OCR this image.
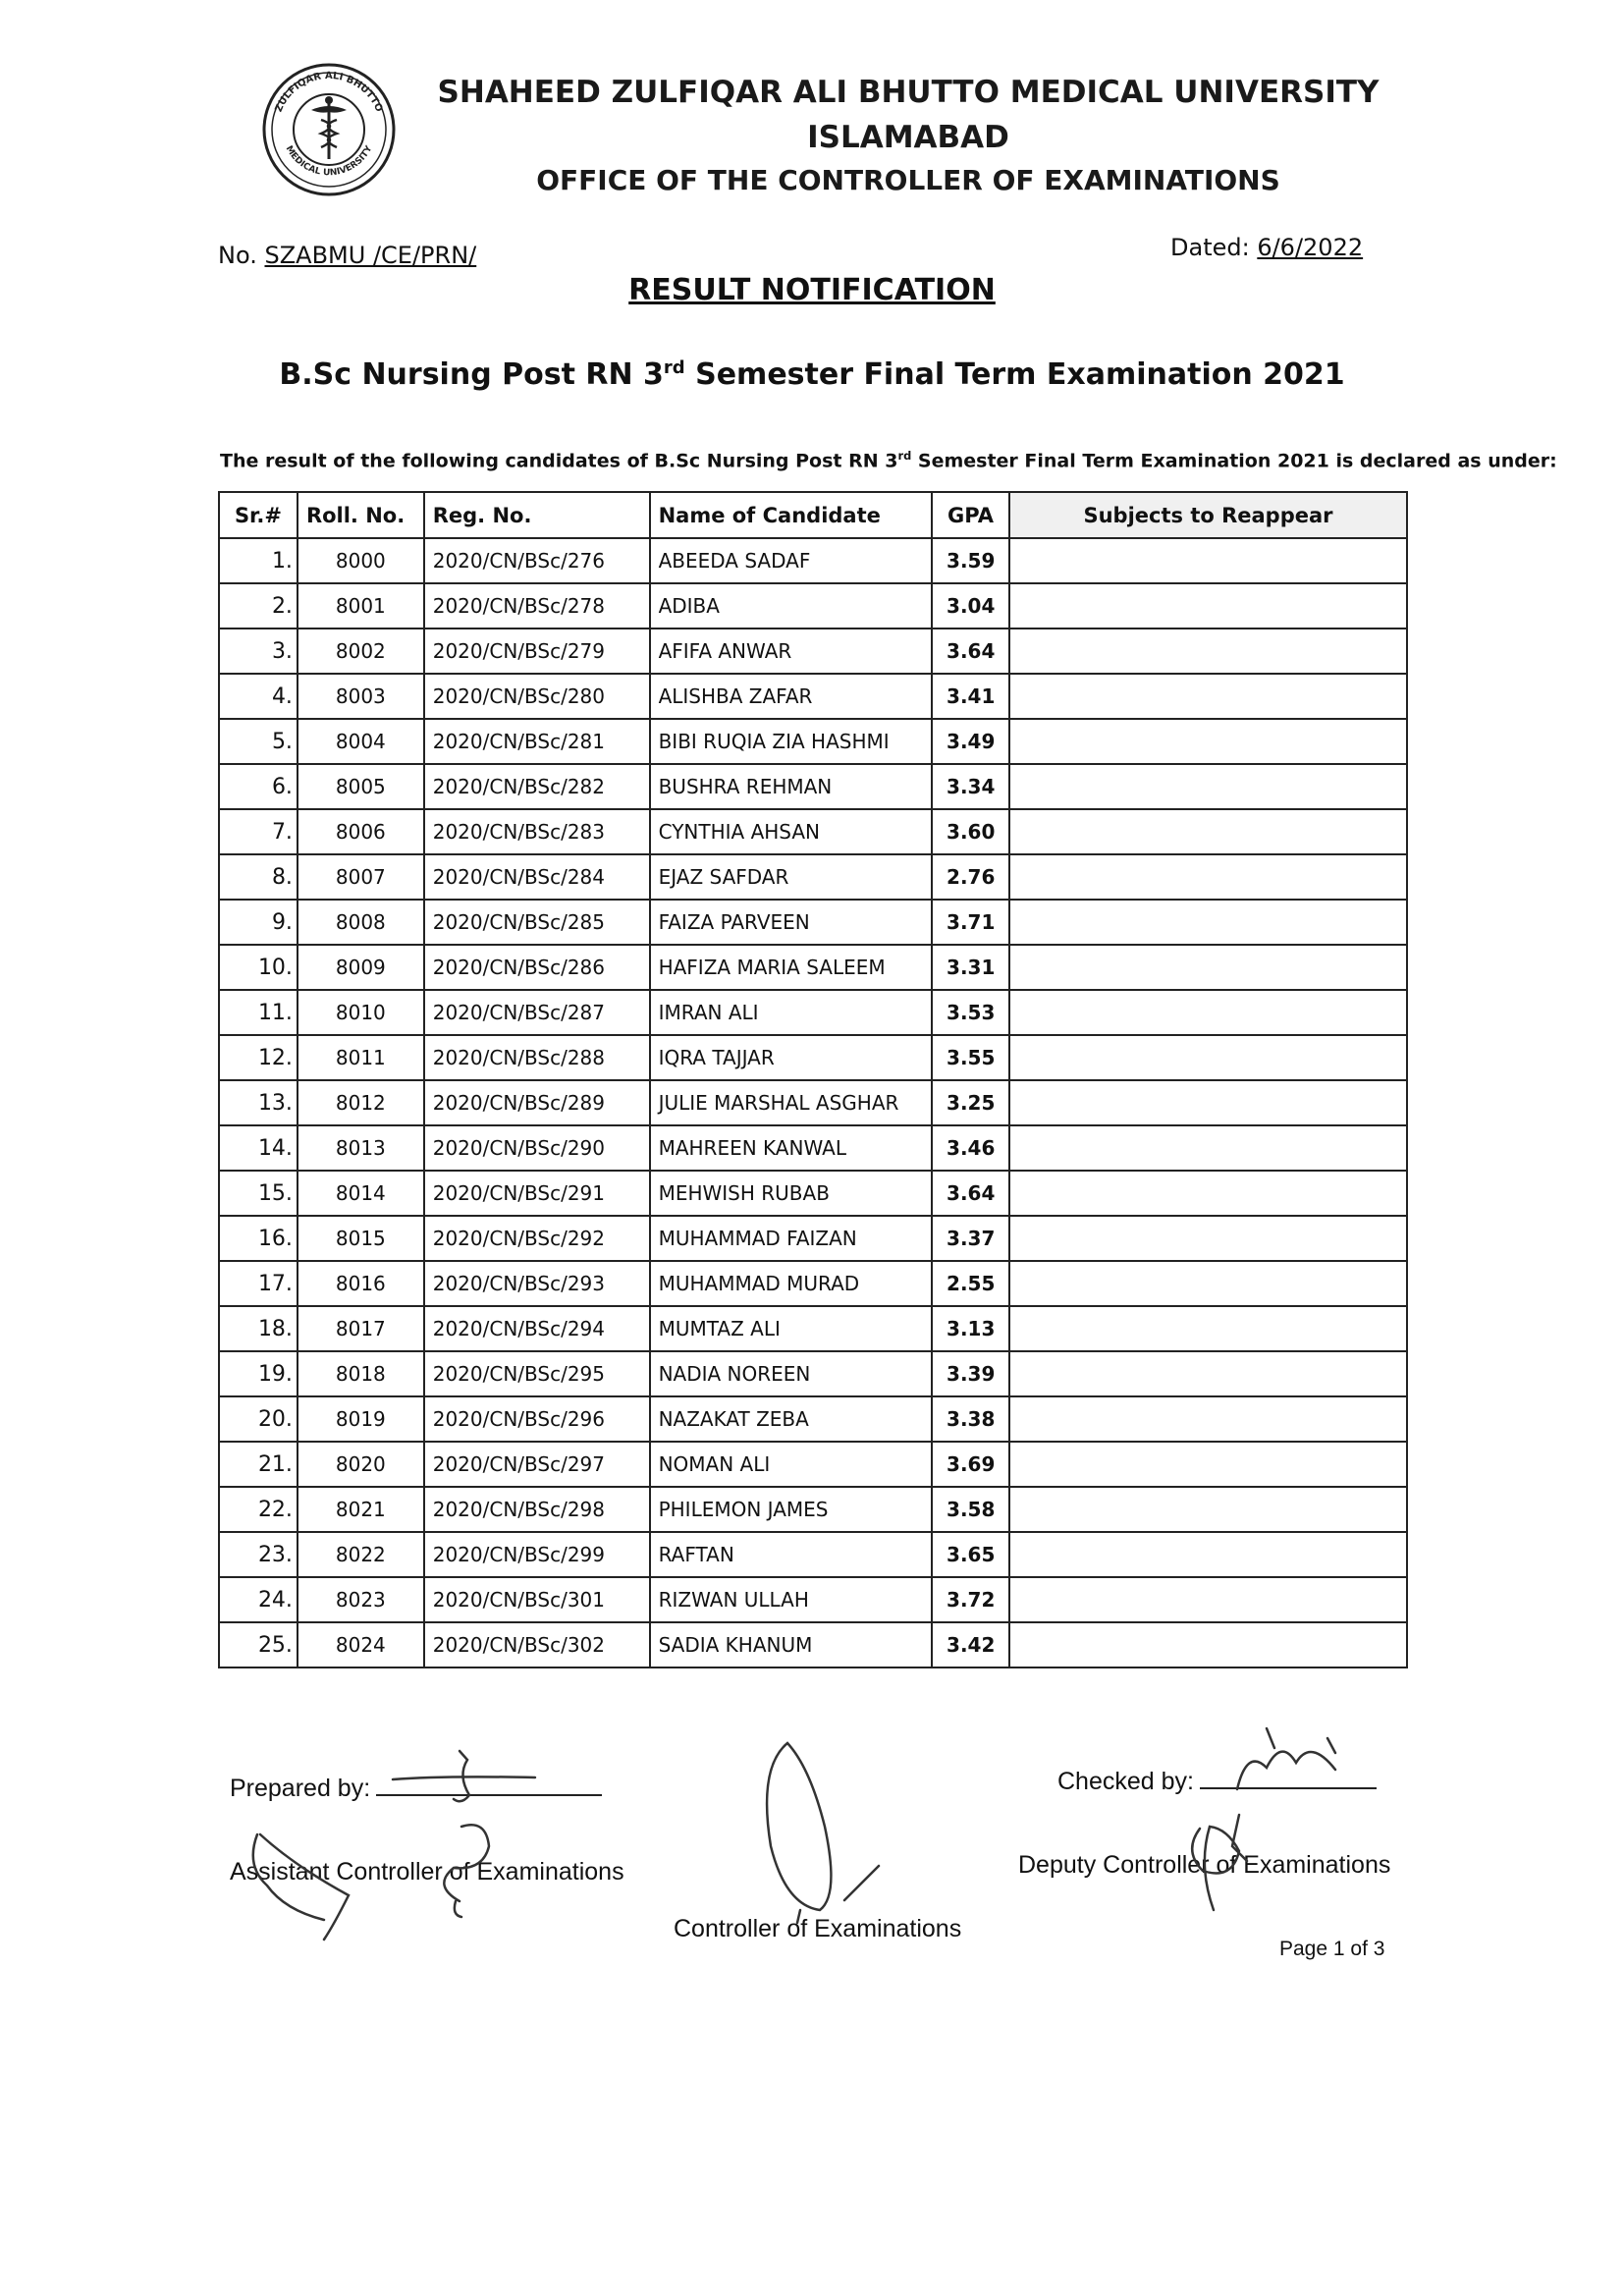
ZULFIQAR ALI BHUTTO
MEDICAL UNIVERSITY
SHAHEED ZULFIQAR ALI BHUTTO MEDICAL UNIVERSITY
ISLAMABAD
OFFICE OF THE CONTROLLER OF EXAMINATIONS
No. SZABMU /CE/PRN/	Dated: 6/6/2022
RESULT NOTIFICATION
B.Sc Nursing Post RN 3rd Semester Final Term Examination 2021
The result of the following candidates of B.Sc Nursing Post RN 3rd Semester Final Term Examination 2021 is declared as under:
Sr.#	Roll. No.	Reg. No.	Name of Candidate	GPA	Subjects to Reappear
1.	8000	2020/CN/BSc/276	ABEEDA SADAF	3.59	
2.	8001	2020/CN/BSc/278	ADIBA	3.04	
3.	8002	2020/CN/BSc/279	AFIFA ANWAR	3.64	
4.	8003	2020/CN/BSc/280	ALISHBA ZAFAR	3.41	
5.	8004	2020/CN/BSc/281	BIBI RUQIA ZIA HASHMI	3.49	
6.	8005	2020/CN/BSc/282	BUSHRA REHMAN	3.34	
7.	8006	2020/CN/BSc/283	CYNTHIA AHSAN	3.60	
8.	8007	2020/CN/BSc/284	EJAZ SAFDAR	2.76	
9.	8008	2020/CN/BSc/285	FAIZA PARVEEN	3.71	
10.	8009	2020/CN/BSc/286	HAFIZA MARIA SALEEM	3.31	
11.	8010	2020/CN/BSc/287	IMRAN ALI	3.53	
12.	8011	2020/CN/BSc/288	IQRA TAJJAR	3.55	
13.	8012	2020/CN/BSc/289	JULIE MARSHAL ASGHAR	3.25	
14.	8013	2020/CN/BSc/290	MAHREEN KANWAL	3.46	
15.	8014	2020/CN/BSc/291	MEHWISH RUBAB	3.64	
16.	8015	2020/CN/BSc/292	MUHAMMAD FAIZAN	3.37	
17.	8016	2020/CN/BSc/293	MUHAMMAD MURAD	2.55	
18.	8017	2020/CN/BSc/294	MUMTAZ ALI	3.13	
19.	8018	2020/CN/BSc/295	NADIA NOREEN	3.39	
20.	8019	2020/CN/BSc/296	NAZAKAT ZEBA	3.38	
21.	8020	2020/CN/BSc/297	NOMAN ALI	3.69	
22.	8021	2020/CN/BSc/298	PHILEMON JAMES	3.58	
23.	8022	2020/CN/BSc/299	RAFTAN	3.65	
24.	8023	2020/CN/BSc/301	RIZWAN ULLAH	3.72	
25.	8024	2020/CN/BSc/302	SADIA KHANUM	3.42	
Prepared by:
Assistant Controller of Examinations
Controller of Examinations
Checked by:
Deputy Controller of Examinations
Page 1 of 3
